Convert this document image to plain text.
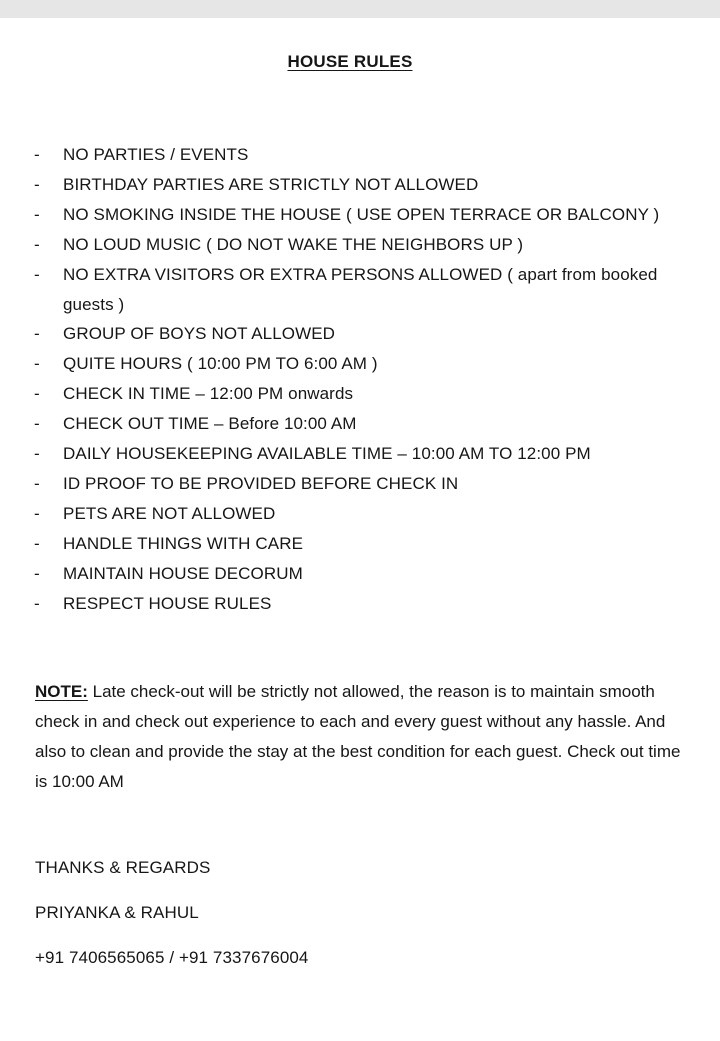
HOUSE RULES
- NO PARTIES / EVENTS
- BIRTHDAY PARTIES ARE STRICTLY NOT ALLOWED
- NO SMOKING INSIDE THE HOUSE ( USE OPEN TERRACE OR BALCONY )
- NO LOUD MUSIC ( DO NOT WAKE THE NEIGHBORS UP )
- NO EXTRA VISITORS OR EXTRA PERSONS ALLOWED ( apart from booked guests )
- GROUP OF BOYS NOT ALLOWED
- QUITE HOURS ( 10:00 PM TO 6:00 AM )
- CHECK IN TIME – 12:00 PM onwards
- CHECK OUT TIME – Before 10:00 AM
- DAILY HOUSEKEEPING AVAILABLE TIME – 10:00 AM TO 12:00 PM
- ID PROOF TO BE PROVIDED BEFORE CHECK IN
- PETS ARE NOT ALLOWED
- HANDLE THINGS WITH CARE
- MAINTAIN HOUSE DECORUM
- RESPECT HOUSE RULES

NOTE: Late check-out will be strictly not allowed, the reason is to maintain smooth check in and check out experience to each and every guest without any hassle. And also to clean and provide the stay at the best condition for each guest. Check out time is 10:00 AM

THANKS & REGARDS

PRIYANKA & RAHUL

+91 7406565065 / +91 7337676004
